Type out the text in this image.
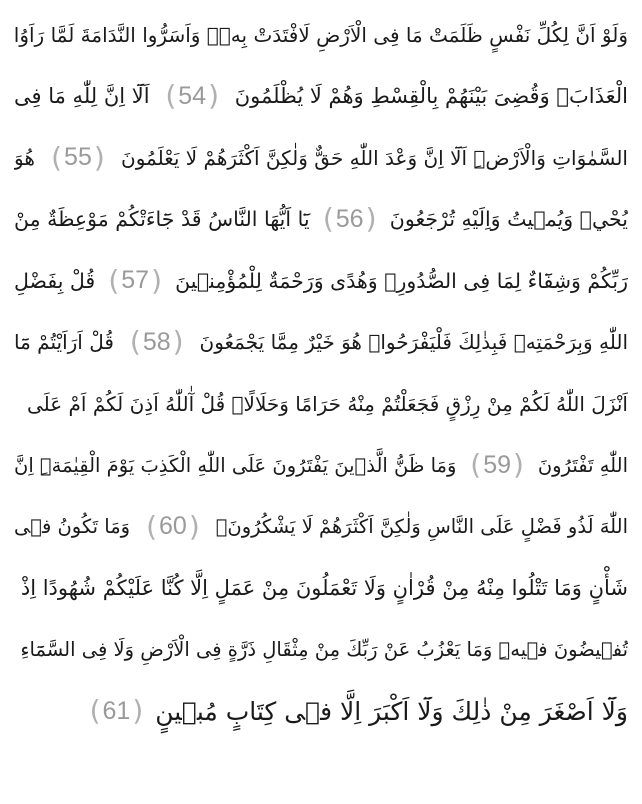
وَلَوْ اَنَّ لِكُلِّ نَفْسٍ ظَلَمَتْ مَا فِى الْاَرْضِ لَافْتَدَتْ بِهٖۜ وَاَسَرُّوا النَّدَامَةَ لَمَّا رَاَوُا
الْعَذَابَۚ وَقُضِىَ بَيْنَهُمْ بِالْقِسْطِ وَهُمْ لَا يُظْلَمُونَ
( 54 )
اَلَٓا اِنَّ لِلّٰهِ مَا فِى
السَّمٰوَاتِ وَالْاَرْضِۜ اَلَٓا اِنَّ وَعْدَ اللّٰهِ حَقٌّ وَلٰكِنَّ اَكْثَرَهُمْ لَا يَعْلَمُونَ
( 55 )
هُوَ
يُحْيٖ وَيُمٖيتُ وَاِلَيْهِ تُرْجَعُونَ
( 56 )
يَٓا اَيُّهَا النَّاسُ قَدْ جَٓاءَتْكُمْ مَوْعِظَةٌ مِنْ
رَبِّكُمْ وَشِفَٓاءٌ لِمَا فِى الصُّدُورِۙ وَهُدًى وَرَحْمَةٌ لِلْمُؤْمِنٖينَ
( 57 )
قُلْ بِفَضْلِ
اللّٰهِ وَبِرَحْمَتِهٖ فَبِذٰلِكَ فَلْيَفْرَحُواۜ هُوَ خَيْرٌ مِمَّا يَجْمَعُونَ
( 58 )
قُلْ اَرَاَيْتُمْ مَٓا
اَنْزَلَ اللّٰهُ لَكُمْ مِنْ رِزْقٍ فَجَعَلْتُمْ مِنْهُ حَرَامًا وَحَلَالًاۜ قُلْ آٰللّٰهُ اَذِنَ لَكُمْ اَمْ عَلَى
اللّٰهِ تَفْتَرُونَ
( 59 )
وَمَا ظَنُّ الَّذٖينَ يَفْتَرُونَ عَلَى اللّٰهِ الْكَذِبَ يَوْمَ الْقِيٰمَةِۜ اِنَّ
اللّٰهَ لَذُو فَضْلٍ عَلَى النَّاسِ وَلٰكِنَّ اَكْثَرَهُمْ لَا يَشْكُرُونَ۟
( 60 )
وَمَا تَكُونُ فٖى
شَأْنٍ وَمَا تَتْلُوا مِنْهُ مِنْ قُرْاٰنٍ وَلَا تَعْمَلُونَ مِنْ عَمَلٍ اِلَّا كُنَّا عَلَيْكُمْ شُهُودًا اِذْ
تُفٖيضُونَ فٖيهِۜ وَمَا يَعْزُبُ عَنْ رَبِّكَ مِنْ مِثْقَالِ ذَرَّةٍ فِى الْاَرْضِ وَلَا فِى السَّمَٓاءِ
وَلَٓا اَصْغَرَ مِنْ ذٰلِكَ وَلَٓا اَكْبَرَ اِلَّا فٖى كِتَابٍ مُبٖينٍ
( 61 )
